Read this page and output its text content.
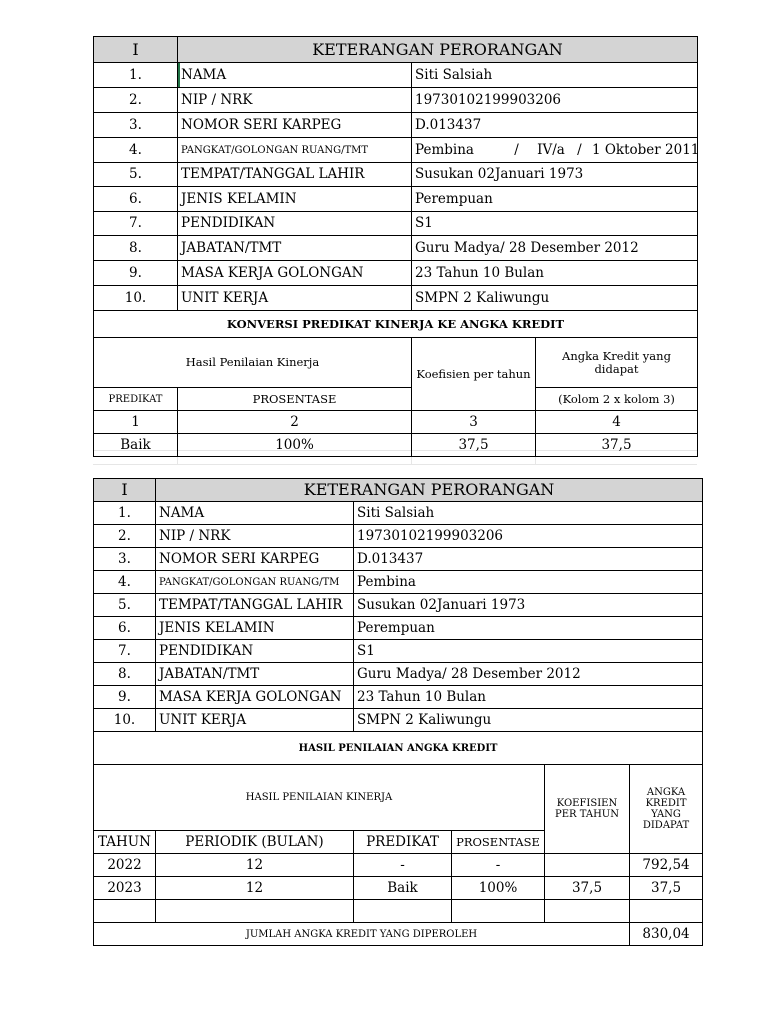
I	KETERANGAN PERORANGAN		
1.	NAMA	Siti Salsiah	
2.	NIP / NRK	19730102199903206	
3.	NOMOR SERI KARPEG	D.013437	
4.	PANGKAT/GOLONGAN RUANG/TMT	Pembina / IV/a / 1 Oktober 2011	
5.	TEMPAT/TANGGAL LAHIR	Susukan 02Januari 1973	
6.	JENIS KELAMIN	Perempuan	
7.	PENDIDIKAN	S1	
8.	JABATAN/TMT	Guru Madya/ 28 Desember 2012	
9.	MASA KERJA GOLONGAN	23 Tahun 10 Bulan	
10.	UNIT KERJA	SMPN 2 Kaliwungu	
KONVERSI PREDIKAT KINERJA KE ANGKA KREDIT			
Hasil Penilaian Kinerja		Koefisien per tahun	Angka Kredit yang didapat
PREDIKAT	PROSENTASE		(Kolom 2 x kolom 3)
1	2	3	4
Baik	100%	37,5	37,5
I	KETERANGAN PERORANGAN				
1.	NAMA	Siti Salsiah			
2.	NIP / NRK	19730102199903206			
3.	NOMOR SERI KARPEG	D.013437			
4.	PANGKAT/GOLONGAN RUANG/TM	Pembina			
5.	TEMPAT/TANGGAL LAHIR	Susukan 02Januari 1973			
6.	JENIS KELAMIN	Perempuan			
7.	PENDIDIKAN	S1			
8.	JABATAN/TMT	Guru Madya/ 28 Desember 2012			
9.	MASA KERJA GOLONGAN	23 Tahun 10 Bulan			
10.	UNIT KERJA	SMPN 2 Kaliwungu			
HASIL PENILAIAN ANGKA KREDIT					
HASIL PENILAIAN KINERJA				KOEFISIEN PER TAHUN	ANGKA KREDIT YANG DIDAPAT
TAHUN	PERIODIK (BULAN)	PREDIKAT	PROSENTASE		
2022	12	-	-		792,54
2023	12	Baik	100%	37,5	37,5

JUMLAH ANGKA KREDIT YANG DIPEROLEH					830,04
